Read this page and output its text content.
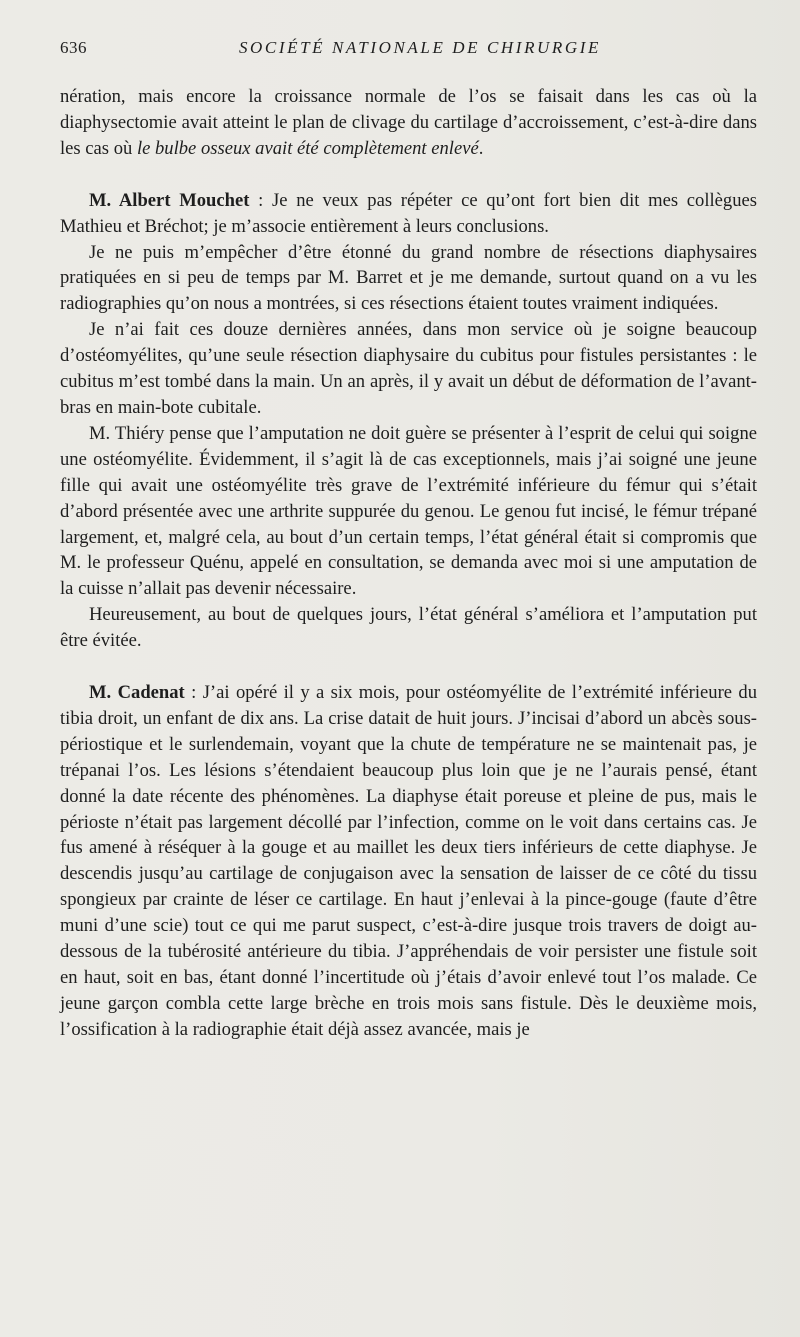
636	SOCIÉTÉ NATIONALE DE CHIRURGIE

nération, mais encore la croissance normale de l’os se faisait dans les cas où la diaphysectomie avait atteint le plan de clivage du cartilage d’accroissement, c’est-à-dire dans les cas où le bulbe osseux avait été complètement enlevé.

M. Albert Mouchet : Je ne veux pas répéter ce qu’ont fort bien dit mes collègues Mathieu et Bréchot; je m’associe entièrement à leurs conclusions.

Je ne puis m’empêcher d’être étonné du grand nombre de résections diaphysaires pratiquées en si peu de temps par M. Barret et je me demande, surtout quand on a vu les radiographies qu’on nous a montrées, si ces résections étaient toutes vraiment indiquées.

Je n’ai fait ces douze dernières années, dans mon service où je soigne beaucoup d’ostéomyélites, qu’une seule résection diaphysaire du cubitus pour fistules persistantes : le cubitus m’est tombé dans la main. Un an après, il y avait un début de déformation de l’avant-bras en main-bote cubitale.

M. Thiéry pense que l’amputation ne doit guère se présenter à l’esprit de celui qui soigne une ostéomyélite. Évidemment, il s’agit là de cas exceptionnels, mais j’ai soigné une jeune fille qui avait une ostéomyélite très grave de l’extrémité inférieure du fémur qui s’était d’abord présentée avec une arthrite suppurée du genou. Le genou fut incisé, le fémur trépané largement, et, malgré cela, au bout d’un certain temps, l’état général était si compromis que M. le professeur Quénu, appelé en consultation, se demanda avec moi si une amputation de la cuisse n’allait pas devenir nécessaire.

Heureusement, au bout de quelques jours, l’état général s’améliora et l’amputation put être évitée.

M. Cadenat : J’ai opéré il y a six mois, pour ostéomyélite de l’extrémité inférieure du tibia droit, un enfant de dix ans. La crise datait de huit jours. J’incisai d’abord un abcès sous-périostique et le surlendemain, voyant que la chute de température ne se maintenait pas, je trépanai l’os. Les lésions s’étendaient beaucoup plus loin que je ne l’aurais pensé, étant donné la date récente des phénomènes. La diaphyse était poreuse et pleine de pus, mais le périoste n’était pas largement décollé par l’infection, comme on le voit dans certains cas. Je fus amené à réséquer à la gouge et au maillet les deux tiers inférieurs de cette diaphyse. Je descendis jusqu’au cartilage de conjugaison avec la sensation de laisser de ce côté du tissu spongieux par crainte de léser ce cartilage. En haut j’enlevai à la pince-gouge (faute d’être muni d’une scie) tout ce qui me parut suspect, c’est-à-dire jusque trois travers de doigt au-dessous de la tubérosité antérieure du tibia. J’appréhendais de voir persister une fistule soit en haut, soit en bas, étant donné l’incertitude où j’étais d’avoir enlevé tout l’os malade. Ce jeune garçon combla cette large brèche en trois mois sans fistule. Dès le deuxième mois, l’ossification à la radiographie était déjà assez avancée, mais je
